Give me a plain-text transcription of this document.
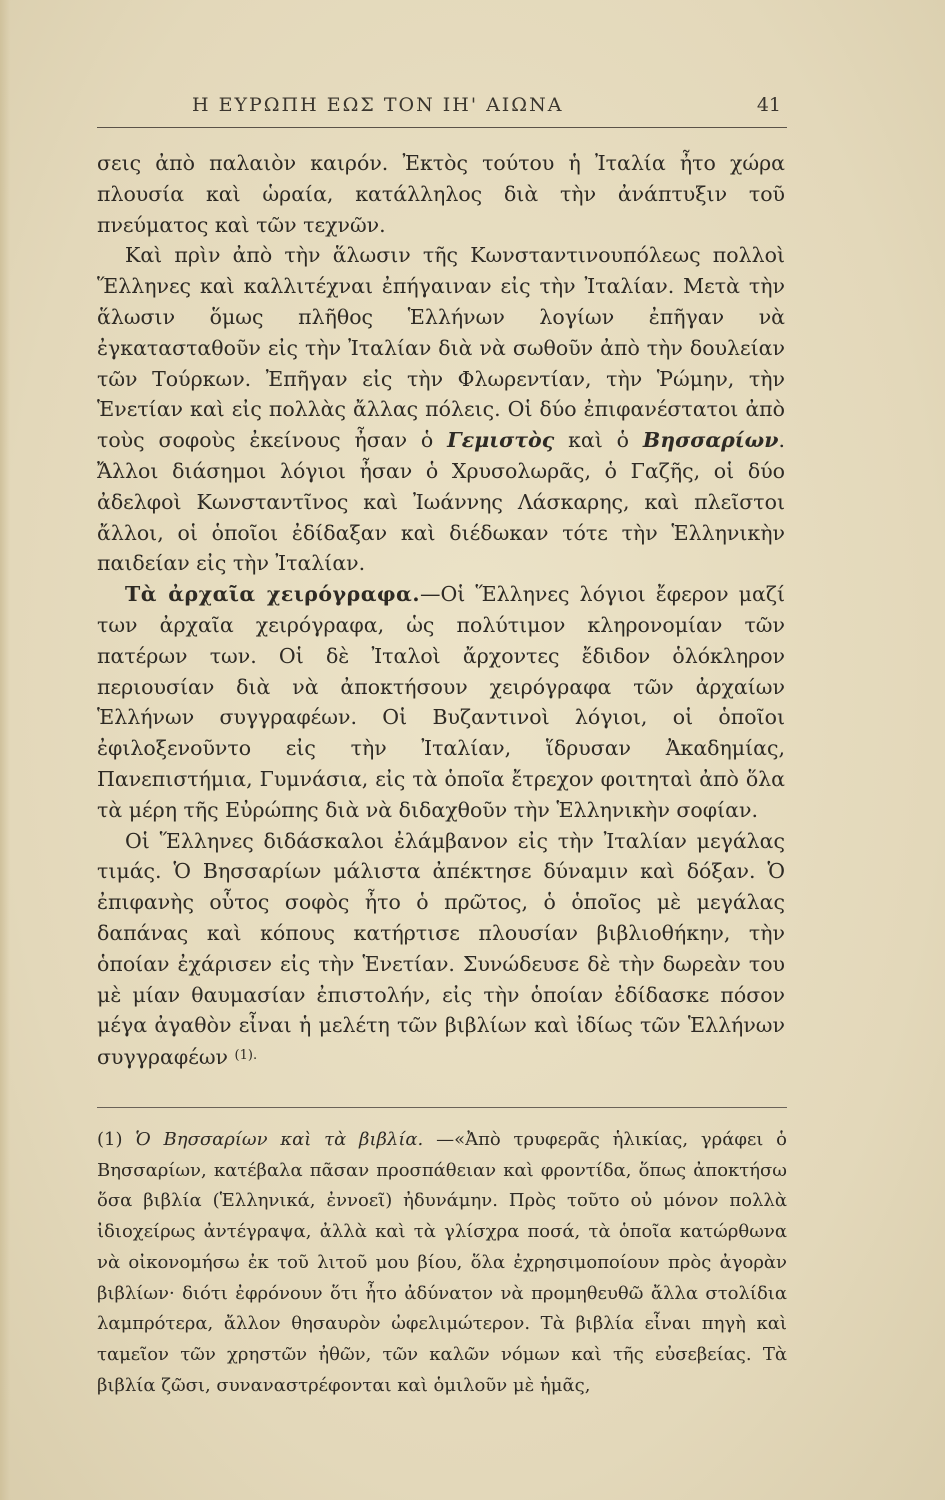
Η ΕΥΡΩΠΗ ΕΩΣ ΤΟΝ ΙΗ' ΑΙΩΝΑ	41

σεις ἀπὸ παλαιὸν καιρόν. Ἐκτὸς τούτου ἡ Ἰταλία ἦτο χώρα πλουσία καὶ ὡραία, κατάλληλος διὰ τὴν ἀνάπτυξιν τοῦ πνεύματος καὶ τῶν τεχνῶν.

Καὶ πρὶν ἀπὸ τὴν ἅλωσιν τῆς Κωνσταντινουπόλεως πολλοὶ Ἕλληνες καὶ καλλιτέχναι ἐπήγαιναν εἰς τὴν Ἰταλίαν. Μετὰ τὴν ἅλωσιν ὅμως πλῆθος Ἑλλήνων λογίων ἐπῆγαν νὰ ἐγκατασταθοῦν εἰς τὴν Ἰταλίαν διὰ νὰ σωθοῦν ἀπὸ τὴν δουλείαν τῶν Τούρκων. Ἐπῆγαν εἰς τὴν Φλωρεντίαν, τὴν Ῥώμην, τὴν Ἑνετίαν καὶ εἰς πολλὰς ἄλλας πόλεις. Οἱ δύο ἐπιφανέστατοι ἀπὸ τοὺς σοφοὺς ἐκείνους ἦσαν ὁ Γεμιστὸς καὶ ὁ Βησσαρίων. Ἄλλοι διάσημοι λόγιοι ἦσαν ὁ Χρυσολωρᾶς, ὁ Γαζῆς, οἱ δύο ἀδελφοὶ Κωνσταντῖνος καὶ Ἰωάννης Λάσκαρης, καὶ πλεῖστοι ἄλλοι, οἱ ὁποῖοι ἐδίδαξαν καὶ διέδωκαν τότε τὴν Ἑλληνικὴν παιδείαν εἰς τὴν Ἰταλίαν.

Τὰ ἀρχαῖα χειρόγραφα.—Οἱ Ἕλληνες λόγιοι ἔφερον μαζί των ἀρχαῖα χειρόγραφα, ὡς πολύτιμον κληρονομίαν τῶν πατέρων των. Οἱ δὲ Ἰταλοὶ ἄρχοντες ἔδιδον ὁλόκληρον περιουσίαν διὰ νὰ ἀποκτήσουν χειρόγραφα τῶν ἀρχαίων Ἑλλήνων συγγραφέων. Οἱ Βυζαντινοὶ λόγιοι, οἱ ὁποῖοι ἐφιλοξενοῦντο εἰς τὴν Ἰταλίαν, ἵδρυσαν Ἀκαδημίας, Πανεπιστήμια, Γυμνάσια, εἰς τὰ ὁποῖα ἔτρεχον φοιτηταὶ ἀπὸ ὅλα τὰ μέρη τῆς Εὐρώπης διὰ νὰ διδαχθοῦν τὴν Ἑλληνικὴν σοφίαν.

Οἱ Ἕλληνες διδάσκαλοι ἐλάμβανον εἰς τὴν Ἰταλίαν μεγάλας τιμάς. Ὁ Βησσαρίων μάλιστα ἀπέκτησε δύναμιν καὶ δόξαν. Ὁ ἐπιφανὴς οὗτος σοφὸς ἦτο ὁ πρῶτος, ὁ ὁποῖος μὲ μεγάλας δαπάνας καὶ κόπους κατήρτισε πλουσίαν βιβλιοθήκην, τὴν ὁποίαν ἐχάρισεν εἰς τὴν Ἑνετίαν. Συνώδευσε δὲ τὴν δωρεὰν του μὲ μίαν θαυμασίαν ἐπιστολήν, εἰς τὴν ὁποίαν ἐδίδασκε πόσον μέγα ἀγαθὸν εἶναι ἡ μελέτη τῶν βιβλίων καὶ ἰδίως τῶν Ἑλλήνων συγγραφέων $^{(1).}$

(1) Ὁ Βησσαρίων καὶ τὰ βιβλία. —«Ἀπὸ τρυφερᾶς ἡλικίας, γράφει ὁ Βησσαρίων, κατέβαλα πᾶσαν προσπάθειαν καὶ φροντίδα, ὅπως ἀποκτήσω ὅσα βιβλία (Ἑλληνικά, ἐννοεῖ) ἠδυνάμην. Πρὸς τοῦτο οὐ μόνον πολλὰ ἰδιοχείρως ἀντέγραψα, ἀλλὰ καὶ τὰ γλίσχρα ποσά, τὰ ὁποῖα κατώρθωνα νὰ οἰκονομήσω ἐκ τοῦ λιτοῦ μου βίου, ὅλα ἐχρησιμοποίουν πρὸς ἀγορὰν βιβλίων· διότι ἐφρόνουν ὅτι ἦτο ἀδύνατον νὰ προμηθευθῶ ἄλλα στολίδια λαμπρότερα, ἄλλον θησαυρὸν ὠφελιμώτερον. Τὰ βιβλία εἶναι πηγὴ καὶ ταμεῖον τῶν χρηστῶν ἠθῶν, τῶν καλῶν νόμων καὶ τῆς εὐσεβείας. Τὰ βιβλία ζῶσι, συναναστρέφονται καὶ ὁμιλοῦν μὲ ἡμᾶς,
